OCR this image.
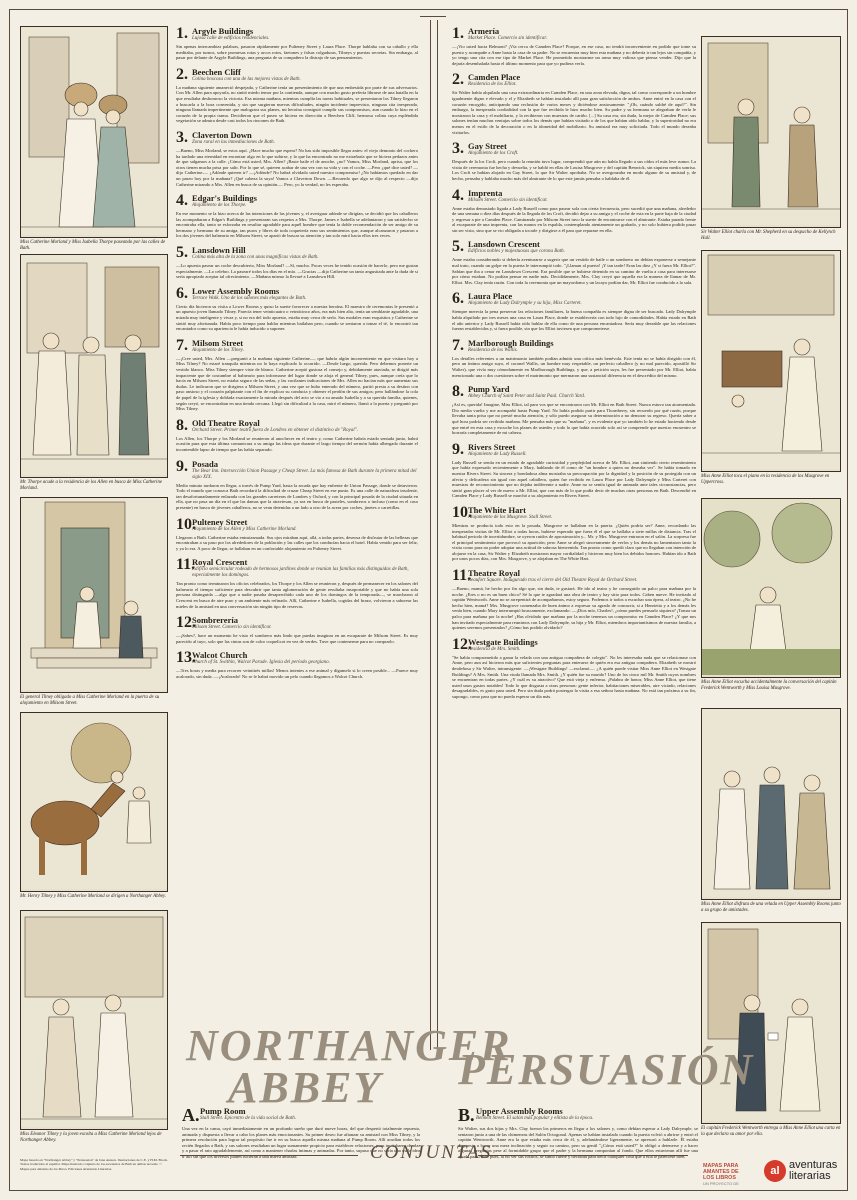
Miss Catherine Morland y Miss Isabella Thorpe paseando por las calles de Bath.
Mr. Thorpe acude a la residencia de los Allen en busca de Miss Catherine Morland.
El general Tilney obligado a Miss Catherine Morland en la puerta de su alojamiento en Milsom Street.
Mr. Henry Tilney y Miss Catherine Morland se dirigen a Northanger Abbey.
Miss Eleanor Tilney y la joven escolta a Miss Catherine Morland lejos de Northanger Abbey.
1. Argyle Buildings
Lujosa calle de edificios residenciales.
Sin apenas intercambiar palabras, pasaron rápidamente por Pulteney Street y Laura Place. Thorpe hablaba con su caballo y ella meditaba, por turnos, sobre promesas rotas y arcos rotos, faetones y falsas colgaduras, Tilneys y puertas secretas. Sin embargo, al pasar por delante de Argyle Buildings, una pregunta de su compañero la distrajo de sus pensamientos.
2. Beechen Cliff
Colina boscosa con una de las mejores vistas de Bath.
La mañana siguiente amaneció despejada, y Catherine tenía un presentimiento de que una embestida por parte de sus adversarios. Con Mr. Allen para apoyarla, no sintió miedo temor por la contienda, aunque con mucho gusto prefería librarse de una batalla en la que resultaba deshonroso la victoria. Esa misma mañana, mientras cumplía las tareas habituales, se presentaron los Tilney llegaron a buscarla a la hora convenida, y sin que surgieran nuevas dificultades, ningún incidente imprevisto, ninguna cita inesperada, ninguna llamada impertinente que malograra sus planes, mi heroína consiguió cumplir sus compromisos, aun cuando lo hizo en el corazón de la propia trama. Decidieron que el paseo se hiciera en dirección a Beechen Cliff, hermosa colina cuya espléndida vegetación se admira desde casi todos los rincones de Bath.
3. Claverton Down
Zona rural en las inmediaciones de Bath.
—Bueno, Miss Morland, se estos aquí. ¿Hace mucho que espera? No has sido imposible llegar antes: el viejo demonio del cochero ha tardado una eternidad en encontrar algo en lo que subirse, y lo que ha encontrado no me extrañaría que se hiciera pedazos antes de que salgamos a la calle. ¡Cómo está usted, Mrs. Allen? ¡Baste baile el de anoche, ¿no? Vamos, Miss Morland, aprisa, que los otros tienen mucha prisa por salir. Por lo que sé, quieren acabar de una vez con su vida y con el coche. —Pero ¿qué dice usted? —dijo Catherine—. ¿Adónde quieren ir? —¡Adónde? No habrá olvidado usted nuestro compromiso! ¿No habíamos quedado en dar un paseo hoy por la mañana? ¡Qué cabeza la suya! Vamos a Claverton Down. —Recuerdo que algo se dijo al respecto —dijo Catherine mirando a Mrs. Allen en busca de su opinión—. Pero, yo la verdad, no les esperaba.
4. Edgar's Buildings
Alojamiento de los Thorpe.
En ese momento se la hizo acerca de las intenciones de las jóvenes y, el averiguar adónde se dirigían, se decidió que los caballeros las acompañaran a Edgar's Buildings y presentaran sus respetos a Mrs. Thorpe. James e Isabella se adelantaron y tan satisfecho se encontraba ella, tanto se esforzaba en resultar agradable para aquél hombre que tenía la doble recomendación de ser amigo de su hermano y hermano de su amiga, tan puros y libres de toda coquetería eran sus sentimientos que, aunque alcanzaron y pasaron a los dos jóvenes del balneario en Milsom Street, se apartó de buscar su atención y tan solo miró hacia ellos tres veces.
5. Lansdown Hill
Colina más alta de la zona con unas magníficas vistas de Bath.
—Lo apuesta pasear un coche descubierto, Miss Morland? —Sí, mucho. Pocas veces he tenido ocasión de hacerlo, pero me gustan especialmente. —Lo celebro. La pasearé todos los días en el mío. —Gracias —dijo Catherine un tanto angustiada ante la duda de si sería apropiado aceptar tal ofrecimiento. —Mañana mismo la llevaré a Lansdown Hill.
6. Lower Assembly Rooms
Terrace Walk. Uno de los salones más elegantes de Bath.
Cierto día hicieron su visita a Lower Rooms y quiso la suerte favorecer a nuestra heroína. El maestro de ceremonias le presentó a un apuesto joven llamado Tilney. Parecía tener veinticuatro o veinticinco años, era más bien alto, tenía un semblante agradable, una mirada muy inteligente y vivaz y, si no era del todo apuesto, estaba muy cerca de serlo. Sus modales eran exquisitos y Catherine se sintió muy afortunada. Había poco tiempo para hablar mientras bailaban pero, cuando se sentaron a tomar el té, lo encontró tan encantador como su apariencia le había inducido a suponer.
7. Milsom Street
Alojamiento de los Tilney.
—¡Cree usted, Mrs. Allen —preguntó a la mañana siguiente Catherine—, que habría algún inconveniente en que visitara hoy a Miss Tilney? No estaré tranquila mientras no lo haya explicado lo ocurrido. —Desde luego, querida. Pero debemos ponerte un vestido blanco. Miss Tilney siempre viste de blanco. Catherine aceptó gustosa el consejo y, debidamente ataviada, se dirigió más impaciente que de costumbre al balneario para informarse del lugar donde se aloja el general Tilney, pues, aunque creía que lo hacía en Milsom Street, no estaba seguro de las señas, y las vacilantes indicaciones de Mrs. Allen no hacían más que aumentar sus dudas. Le indicaron que se dirigiera a Milsom Street, y una vez que se hubo enterado del número, partió presta a su destino con paso ansioso y el corazón palpitante con el fin de explicar su conducta y obtener el perdón de sus amigos; pero hallándose la cola de papel de la iglesia y doblada exactamente la mirada después del acto se vio a su amado Isabella y a su querida familia, quienes, según creyó, se encontraban en una tienda cercana. Llegó sin dificultad a la casa, miró el número, llamó a la puerta y preguntó por Miss Tilney.
8. Old Theatre Royal
Orchard Street. Primer teatro fuera de Londres en obtener el distintivo de "Royal".
Los Allen, los Thorpe y los Morland se reunieron al anochecer en el teatro y, como Catherine habría estado sentada junto, habrá ocasión para que esta última comunicara a su amiga las ideas que durante el largo tiempo del sermón había albergado durante el incontenible lapso de tiempo que las había separado.
9. Posada
The Bear Inn. Intersección Union Passage y Cheap Street. La más famosa de Bath durante la primera mitad del siglo XIX.
Medio minuto tardaron en llegar, a través de Pump Yard, hasta la arcada que hay enfrente de Union Passage, donde se detuvieron. Todo el mundo que conozca Bath recordará la dificultad de cruzar Cheap Street en ese punto. Es una calle de naturaleza insolente, tan desafortunadamente enlazada con las grandes carreteras de Londres y Oxford, y con la principal posada de la ciudad situada en ella, que no pasa un día en el que las damas que la atraviesan, ya sea en busca de pasteles, sombreros o incluso (como en el caso presente) en busca de jóvenes caballeros, no se vean detenidas a un lado u otro de la acera por coches, jinetes o carretillas.
10.
Pulteney Street
Alojamiento de los Allen y Miss Catherine Morland.
Llegaron a Bath. Catherine estaba entusiasmada. Sus ojos miraban aquí, allá, a todas partes, deseosa de disfrutar de las bellezas que encontraban a su paso por los alrededores de la población y las calles que los conducían hacia el hotel. Había venido para ser feliz, y ya lo era. A poco de llegar, se hallaban en un confortable alojamiento en Pulteney Street.
11.
Royal Crescent
Edificio semicircular rodeado de hermosos jardines donde se reunían las familias más distinguidas de Bath, especialmente los domingos.
Tan pronto como terminaron los oficios celebrados, los Thorpe y los Allen se reunieron y, después de permanecer en los salones del balneario el tiempo suficiente para descubrir que tanta aglomeración de gente resultaba insoportable y que no había una sola persona distinguida —algo que a nadie pasaba desapercibido cada uno de los domingos de la temporada—, se marcharon al Crescent en busca de aire puro y un ambiente más refinado. Allí, Catherine e Isabella, cogidas del brazo, volvieron a saborear las mieles de la amistad en una conversación sin ningún tipo de reservas.
12.
Sombrerería
Milsom Street. Comercio sin identificar.
—¡Sabes?, hace un momento he visto el sombrero más lindo que puedas imaginar en un escaparate de Milsom Street. Es muy parecido al tuyo, solo que las cintas son de color coquelicot en vez de verdes. Tuve que contenerme para no comprarlo.
13.
Walcot Church
Church of St. Swithin, Walcot Parade. Iglesia del período georgiano.
—Tres horas y media para recorrer veintitrés millas! Menos intentes a ese animal y dígamelo si lo creen posible... —Parece muy acalorado, sin duda. —¡Acalorado! No se le habrá movido un pelo cuando llegamos a Walcot Church.
1. Armería
Market Place. Comercio sin identificar.
—¡Vio usted hacia Belmont? ¡Vía cerca de Camden Place? Porque, en ese caso, no tendrá inconveniente en podido que tome su puesto y acompañe a Anne hasta la casa de su padre. No se encuentra muy bien esta mañana y no debería ir tan lejos sin compañía, y yo tengo una cita con ese tipo de Market Place. He prometido mostrarme un arma muy valiosa que piensa vender. Dijo que la dejaría desembalada hasta el último momento para que yo pudiera verla.
2. Camden Place
Residencia de los Elliot.
Sir Walter había alquilado una casa extraordinaria en Camden Place, en una zona elevada, digna, tal como corresponde a un hombre igualmente digno e elevado y el y Elizabeth se habían instalado allí para gran satisfacción de ambos. Anne entró en la casa con el corazón encogido, anticipando una reclusión de varios meses y diciéndose ansiosamente: "¡Oh, cuándo saldré de aquí?". Sin embargo, la inesperada cordialidad con la que fue recibida le hizo mucho bien. Su padre y su hermana se alegraban de verla le mostraron la casa y el mobiliario, y la recibieron con muestras de cariño. [...] Su casa era, sin duda, la mejor de Camden Place; sus salones tenían muchas ventajas sobre todos los demás que habían visitado o de los que habían oído hablar, y la superioridad no era menos en el estilo de la decoración o en la idoneidad del mobiliario. Su amistad era muy solicitada. Todo el mundo deseaba visitarlos.
3. Gay Street
Alojamiento de los Croft.
Después de la los Croft, pero cuando la reunión tuvo lugar, comprendió que aún no había llegado a sus oídos el más leve rumor. La visita de ceremonia fue hecha y devuelta, y se habló en ellas de Louisa Musgrove y del capitán Benwick, sin siquiera media sonrisa. Los Croft se habían alojado en Gay Street, lo que Sir Walter aprobaba. No se avergonzaba en modo alguno de su amistad y, de hecho, pensaba y hablaba mucho más del almirante de lo que este jamás pensaba o hablaba de él.
4. Imprenta
Milsom Street. Comercio sin identificar.
Anne estaba demasiado ligada a Lady Russell como para pasear sola con cierta frecuencia, pero sucedió que una mañana, alrededor de una semana o diez días después de la llegada de los Croft, decidió dejar a su amiga y el coche de esta en la parte baja de la ciudad y regresar a pie a Camden Place. Caminando por Milsom Street tuvo la suerte de encontrarse con el almirante. Estaba parado frente al escaparate de una imprenta, con las manos en la espalda, contemplando atentamente un grabado, y no solo hubiera podido pasar sin ser visto, sino que se vio obligada a tocarle y dirigirse a él para que reparase en ella.
5. Lansdown Crescent
Edificios nobles y majestuosos que corona Bath.
Anne estaba considerando si debería aventurarse a sugerir que un vestido de baile o un sombrero no debían exponerse a semejante mal trato, cuando un golpe en la puerta le interrumpió todo. "¡Llaman al puerta! ¡Y tan tarde! Eran las diez ¿Y si fuera Mr. Elliot?". Sabían que iba a cenar en Lansdown Crescent. Era posible que se hubiese detenido en su camino de vuelta a casa para interesarse por cómo estaban. No podían pensar en nadie más. Decididamente, Mrs. Clay creyó que aquella era la manera de llamar de Mr. Elliot. Mrs. Clay tenía razón. Con toda la ceremonia que un mayordomo y un lacayo podían dar, Mr. Elliot fue conducido a la sala.
6. Laura Place
Alojamiento de Lady Dalrymple y su hija, Miss Carteret.
Siempre merecía la pena preservar las relaciones familiares, la buena compañía es siempre digna de ser buscada. Lady Dalrymple había alquilado por tres meses una casa en Laura Place, donde se establecería con todo lujo de comodidades. Había estado en Bath el año anterior y Lady Russell había oído hablar de ella como de una persona encantadora. Sería muy deseable que las relaciones fueran restablecidas y, si fuera posible, sin que los Elliot tuviesen que comprometerse.
7. Marlborough Buildings
Residencia de los Wallis.
Los detalles referentes a un matrimonio también podían admitir una crítica más benévola. Este tenía no se había dirigido con él, pero un íntimo amigo suyo, el coronel Wallis, un hombre muy respetable, un perfecto caballero (y no mal parecido, apostilló Sir Walter), que vivía muy cómodamente en Marlborough Buildings, y que, a petición suya, les fue presentado por Mr. Elliot, había mencionado una o dos cuestiones sobre el matrimonio que mermaron una sustancial diferencia en el descrédito del mismo.
8. Pump Yard
Abbey Church of Saint Peter and Saint Paul. Church Yard.
¡Así es, querida! Imagine, Miss Elliot, tal para vos que se encontraron con Mr. Elliot en Bath Street. Nunca estuvo tan atormentada. Dio media vuelta y me acompañó hasta Pump Yard. No había podido partir para Thornberry, sin recuerdo por qué razón, porque llevaba tanta prisa que no presté mucha atención, y sólo puedo asegurar su determinación a no demorar su regreso. Quería saber a qué hora podría ser recibido mañana. Me pensaba más que su "mañana", y es evidente que yo también lo he estado haciendo desde que entré en esta casa y escuche los planes de ustedes y todo lo que había ocurrido solo así se comprende que nuestro encuentro se borraría completamente de mi cabeza.
9. Rivers Street
Alojamiento de Lady Russell.
Lady Russell se sentía en un estado de agradable curiosidad y perplejidad acerca de Mr. Elliot, aun sintiendo cierto resentimiento que había expresado recientemente a Mary, hablando de él como de "un hombre a quien no deseaba ver". Se había tomado en nuestra Rivers Street. Su sincera y bondadosa alma mostraba su preocupación por la dignidad y la posición de su protegida con un afecto y delicadeza sin igual con aquel caballero, quien fue recibido en Laura Place por Lady Dalrymple y Miss Carteret con muestras de reconocimiento que no dejaba indiferente a nadie. Anne no se sentía igual de animada ante tales circunstancias, pero sintió gran placer al ver de nuevo a Mr. Elliot, que con más de lo que podía decir de muchas otras personas en Bath. Descendió en Camden Place y Lady Russell se marchó a su alojamiento en Rivers Street.
10.
The White Hart
Alojamiento de los Musgrove. Stall Street.
Mientras se producía todo esto en la posada, Musgrove se hallaban en la puerta. ¿Quién podría ser? Anne, recordando las inesperadas visitas de Mr. Elliot a todas horas, hubiese esperado que fuera él el que se hallaba a siete millas de distancia. Tras el habitual periodo de incertidumbre, se oyeron ruidos de aproximación y... Mr. y Mrs. Musgrove entraron en el salón. La sorpresa fue el principal sentimiento que provocó su aparición; pero Anne se alegró sinceramente de verlos y los demás no lamentaron tanto la visita como para no poder adoptar una actitud de sabrosa bienvenida. Tan pronto como quedó claro que no llegaban con intención de alojarse en la casa, Sir Walter y Elizabeth mostraron mayor cordialidad y hicieron muy bien los debidos honores. Habían ido a Bath por unos pocos días, con Mrs. Musgrove, y se alojaban en The White Hart.
11.
Theatre Royal
Beaufort Square. Inaugurado tras el cierre del Old Theatre Royal de Orchard Street.
—Bueno, mamá, he hecho por fin algo que, sin duda, te gustará. He ido al teatro y he conseguido un palco para mañana por la noche. ¿Eres o no es un buen chico? Sé lo que te agradará una obra de teatro y hay sitio para todos. Caben nueve. He invitado al capitán Wentworth. Anne no se arrepentirá de acompañarnos, estoy seguro. Podemos ir todos a escuchar una ópera, al teatro. ¿No he hecho bien, mamá? Mrs. Musgrove comenzaba de buen ánimo a expresar su agrado de concurrir, si a Henrietta y a los demás les venía bien, cuando Mary interrumpió bruscamente, exclamando: —¡Dios mío, Charles!, ¿cómo puedes pensarlo siquiera? ¡Tomar un palco para mañana por la noche! ¡Has olvidado que mañana por la noche tenemos un compromiso en Camden Place? ¿Y que nos han invitado especialmente para reunirnos con Lady Dalrymple, su hija y Mr. Elliot, miembros importantísimos de nuestra familia, a quienes seremos presentados? ¿Cómo has podido olvidarlo?
12.
Westgate Buildings
Residencia de Mrs. Smith.
"Se había comprometido a ganar la velada con una antigua compañera de colegio". No les interesaba nada que se relacionase con Anne, pero aun así hicieron más que suficientes preguntas para enterarse de quién era esa antigua compañera. Elizabeth se mostró desdeñosa y Sir Walter, intransigente. —¡Westgate Buildings! —exclamó—. ¿A quién puede visitar Miss Anne Elliot en Westgate Buildings? A Mrs. Smith. Una viuda llamada Mrs. Smith. ¿Y quién fue su marido? Uno de los cinco mil Mr. Smith cuyos nombres se encuentran en todas partes. ¿Y cuál es su atractivo? Que está vieja y enferma. ¡Palabra de honor, Miss Anne Elliot, que tiene usted unos gustos notables! Todo lo que disgusta a otras personas: gente inferior, habitaciones miserables, aire viciado, relaciones desagradables, es grato para usted. Pero sin duda podrá postergar la visita a esa señora hasta mañana. No está tan próxima a su fin, supongo, como para que no pueda esperar un día más.
Sir Walter Elliot charla con Mr. Shepherd en su despacho de Kellynch Hall.
Miss Anne Elliot toca el piano en la residencia de los Musgrove en Uppercross.
Miss Anne Elliot escucha accidentalmente la conversación del capitán Frederick Wentworth y Miss Louisa Musgrove.
Miss Anne Elliot disfruta de una velada en Upper Assembly Rooms junto a su grupo de amistades.
El capitán Frederick Wentworth entrega a Miss Anne Elliot una carta en la que declara su amor por ella.
NORTHANGER
ABBEY PERSUASIÓN
A. Pump Room
Stall Street. Epicentro de la vida social de Bath.
Una vez en la cama, cayó inmediatamente en un profundo sueño que duró nueve horas, del que despertó totalmente repuesta, animada y dispuesta a llevar a cabo los planes más emocionantes. Su primer deseo fue afianzar su amistad con Miss Tilney, y la primera resolución para lograr tal propósito fue ir en su busca aquella misma mañana al Pump Room. Allí acudían todos los recién llegados a Bath, y sus salones resultaban un lugar sumamente propicio para establecer relaciones, pues invitaban a charlar y a pasar el rato agradablemente, así como a mantener charlas íntimas y animadas. Por tanto, supuso que no sería una mala idea ir allí sin que los diversos planes hicieran a una nueva amistad.
B. Upper Assembly Rooms
Bennett Street. El salón más popular y elitista de la época.
Sir Walter, sus dos hijas y Mrs. Clay fueron los primeros en llegar a los salones y, como debían esperar a Lady Dalrymple, se sentaron junto a una de las chimeneas del Salón Octogonal. Apenas se habían instalado cuando la puerta volvió a abrirse y entró el capitán Wentworth. Anne era la que estaba más cerca de él, y, adelantándose ligeramente, se apresuró a hablarle. Él estaba dispuesto a hacer una mera inclinación y seguir su camino, pero su gentil "¿Cómo está usted?" lo obligó a detenerse y a hacer algunas preguntas pese al formidable grupo que el padre y la hermana componían al fondo. Que ellos estuvieran allí fue una ayuda para Anne pues, al no ver sus rostros, se sintió fuerte y decidida para decir cualquier cosa que a ella le pareciese bien.
CONJUNTAS
Mapa basado en "Northanger Abbey" y "Persuasion" de Jane Austen. Ilustraciones de C.E. y H.M. Brock. Textos traducidos al español. Mapa ilustrado conjunto de los escenarios de Bath en ambas novelas. © Mapas para amantes de los libros. Ediciones Aventuras Literarias.	MAPAS PARA
AMANTES DE
LOS LIBROS
UN PROYECTO DE
al aventuras
literarias
